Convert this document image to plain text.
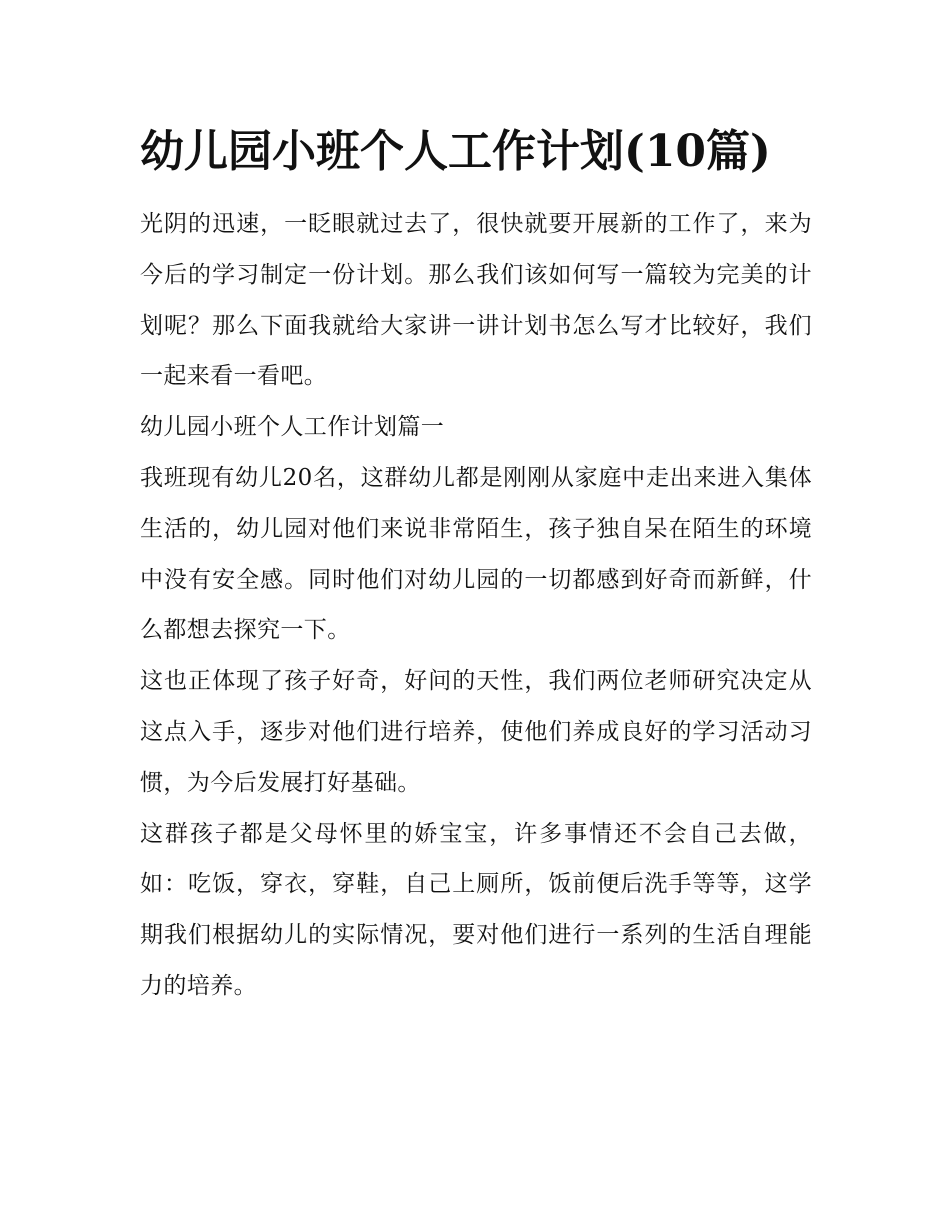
幼儿园小班个人工作计划(10篇)

光阴的迅速，一眨眼就过去了，很快就要开展新的工作了，来为今后的学习制定一份计划。那么我们该如何写一篇较为完美的计划呢？那么下面我就给大家讲一讲计划书怎么写才比较好，我们一起来看一看吧。

幼儿园小班个人工作计划篇一

我班现有幼儿20名，这群幼儿都是刚刚从家庭中走出来进入集体生活的，幼儿园对他们来说非常陌生，孩子独自呆在陌生的环境中没有安全感。同时他们对幼儿园的一切都感到好奇而新鲜，什么都想去探究一下。

这也正体现了孩子好奇，好问的天性，我们两位老师研究决定从这点入手，逐步对他们进行培养，使他们养成良好的学习活动习惯，为今后发展打好基础。

这群孩子都是父母怀里的娇宝宝，许多事情还不会自己去做，如：吃饭，穿衣，穿鞋，自己上厕所，饭前便后洗手等等，这学期我们根据幼儿的实际情况，要对他们进行一系列的生活自理能力的培养。
